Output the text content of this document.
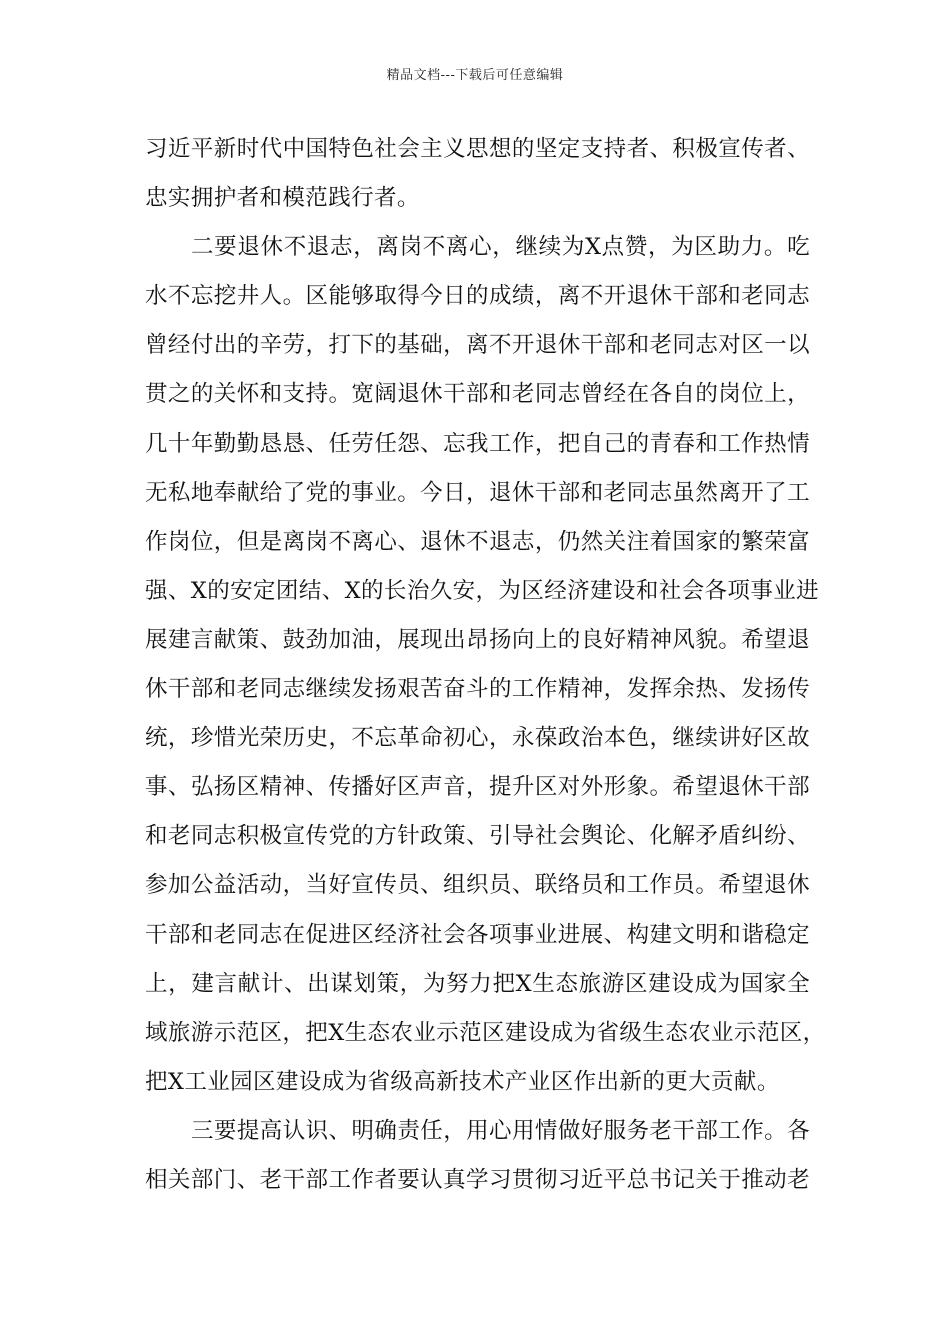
精品文档---下载后可任意编辑
习近平新时代中国特色社会主义思想的坚定支持者、积极宣传者、
忠实拥护者和模范践行者。
二要退休不退志，离岗不离心，继续为X点赞，为区助力。吃
水不忘挖井人。区能够取得今日的成绩，离不开退休干部和老同志
曾经付出的辛劳，打下的基础，离不开退休干部和老同志对区一以
贯之的关怀和支持。宽阔退休干部和老同志曾经在各自的岗位上，
几十年勤勤恳恳、任劳任怨、忘我工作，把自己的青春和工作热情
无私地奉献给了党的事业。今日，退休干部和老同志虽然离开了工
作岗位，但是离岗不离心、退休不退志，仍然关注着国家的繁荣富
强、X的安定团结、X的长治久安，为区经济建设和社会各项事业进
展建言献策、鼓劲加油，展现出昂扬向上的良好精神风貌。希望退
休干部和老同志继续发扬艰苦奋斗的工作精神，发挥余热、发扬传
统，珍惜光荣历史，不忘革命初心，永葆政治本色，继续讲好区故
事、弘扬区精神、传播好区声音，提升区对外形象。希望退休干部
和老同志积极宣传党的方针政策、引导社会舆论、化解矛盾纠纷、
参加公益活动，当好宣传员、组织员、联络员和工作员。希望退休
干部和老同志在促进区经济社会各项事业进展、构建文明和谐稳定
上，建言献计、出谋划策，为努力把X生态旅游区建设成为国家全
域旅游示范区，把X生态农业示范区建设成为省级生态农业示范区，
把X工业园区建设成为省级高新技术产业区作出新的更大贡献。
三要提高认识、明确责任，用心用情做好服务老干部工作。各
相关部门、老干部工作者要认真学习贯彻习近平总书记关于推动老
